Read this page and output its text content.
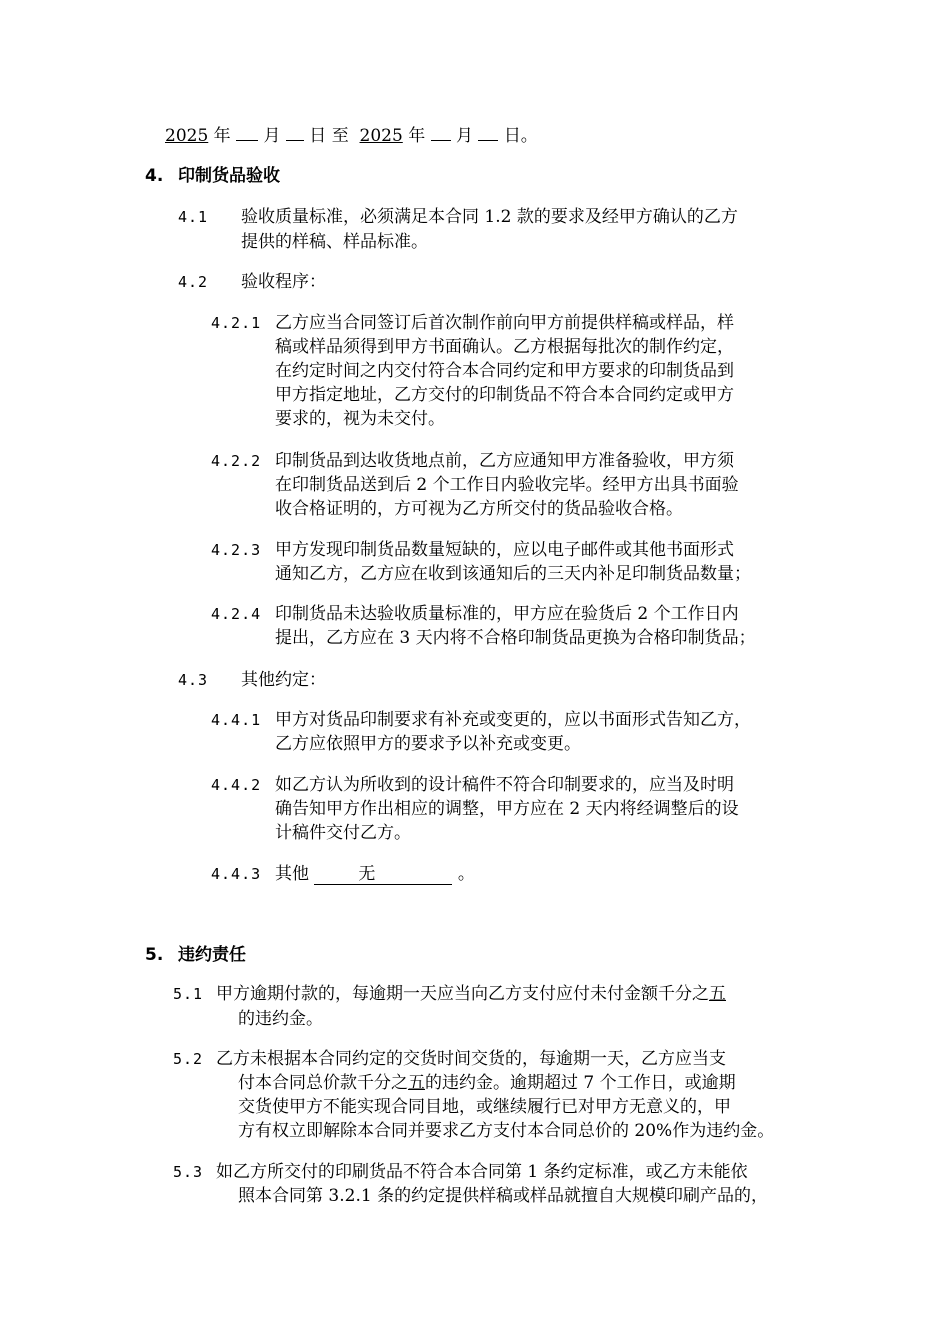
2025 年 月 日 至 2025 年 月 日。
4. 印制货品验收
4.1 验收质量标准，必须满足本合同 1.2 款的要求及经甲方确认的乙方
提供的样稿、样品标准。
4.2 验收程序：
4.2.1 乙方应当合同签订后首次制作前向甲方前提供样稿或样品，样
稿或样品须得到甲方书面确认。乙方根据每批次的制作约定，
在约定时间之内交付符合本合同约定和甲方要求的印制货品到
甲方指定地址，乙方交付的印制货品不符合本合同约定或甲方
要求的，视为未交付。
4.2.2 印制货品到达收货地点前，乙方应通知甲方准备验收，甲方须
在印制货品送到后 2 个工作日内验收完毕。经甲方出具书面验
收合格证明的，方可视为乙方所交付的货品验收合格。
4.2.3 甲方发现印制货品数量短缺的，应以电子邮件或其他书面形式
通知乙方，乙方应在收到该通知后的三天内补足印制货品数量；
4.2.4 印制货品未达验收质量标准的，甲方应在验货后 2 个工作日内
提出，乙方应在 3 天内将不合格印制货品更换为合格印制货品；
4.3 其他约定：
4.4.1 甲方对货品印制要求有补充或变更的，应以书面形式告知乙方，
乙方应依照甲方的要求予以补充或变更。
4.4.2 如乙方认为所收到的设计稿件不符合印制要求的，应当及时明
确告知甲方作出相应的调整，甲方应在 2 天内将经调整后的设
计稿件交付乙方。
4.4.3 其他	无	。
5. 违约责任
5.1 甲方逾期付款的，每逾期一天应当向乙方支付应付未付金额千分之五
的违约金。
5.2 乙方未根据本合同约定的交货时间交货的，每逾期一天，乙方应当支
付本合同总价款千分之五的违约金。逾期超过 7 个工作日，或逾期
交货使甲方不能实现合同目地，或继续履行已对甲方无意义的，甲
方有权立即解除本合同并要求乙方支付本合同总价的 20%作为违约金。
5.3 如乙方所交付的印刷货品不符合本合同第 1 条约定标准，或乙方未能依
照本合同第 3.2.1 条的约定提供样稿或样品就擅自大规模印刷产品的，
